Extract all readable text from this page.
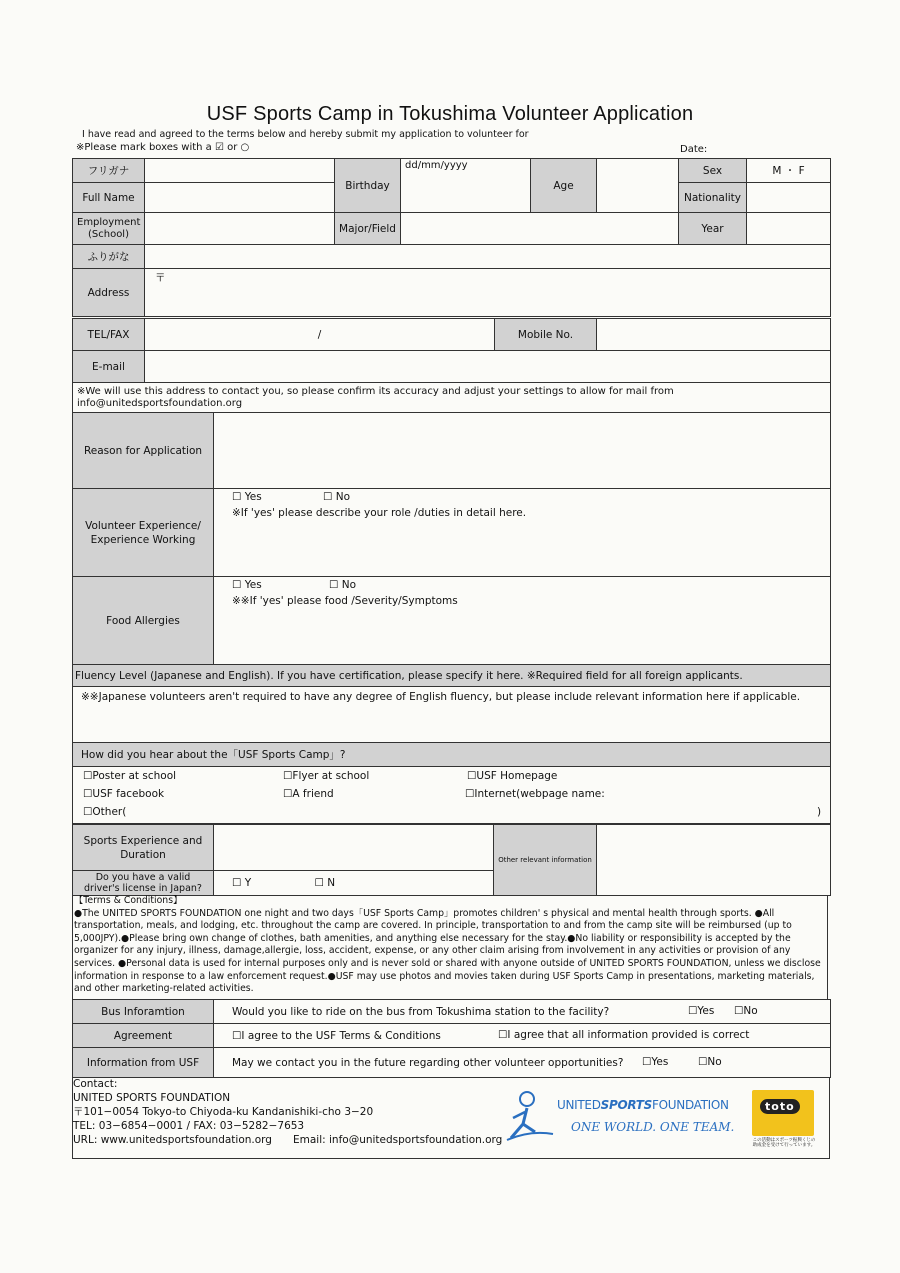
USF Sports Camp in Tokushima Volunteer Application
I have read and agreed to the terms below and hereby submit my application to volunteer for
※Please mark boxes with a ☑ or ○	Date:
フリガナ		Birthday	dd/mm/yyyy	Age		Sex	M ・ F
Full Name						Nationality	
Employment (School)		Major/Field				Year	
ふりがな							
Address	〒						
TEL/FAX	/	Mobile No.	
E-mail			
※We will use this address to contact you, so please confirm its accuracy and adjust your settings to allow for mail from info@unitedsportsfoundation.org			
Reason for Application	
Volunteer Experience/ Experience Working	☐ Yes ☐ No
※If 'yes' please describe your role /duties in detail here.

Food Allergies	☐ Yes ☐ No
※※If 'yes' please food /Severity/Symptoms
Fluency Level (Japanese and English). If you have certification, please specify it here. ※Required field for all foreign applicants.
※※Japanese volunteers aren't required to have any degree of English fluency, but please include relevant information here if applicable.
How did you hear about the「USF Sports Camp」?

☐Poster at school	☐Flyer at school	☐USF Homepage
☐USF facebook	☐A friend	☐Internet(webpage name:
☐Other(	)
Sports Experience and Duration		Other relevant information	
Do you have a valid driver's license in Japan?	☐ Y ☐ N		
【Terms & Conditions】
●The UNITED SPORTS FOUNDATION one night and two days「USF Sports Camp」promotes children' s physical and mental health through sports. ●All transportation, meals, and lodging, etc. throughout the camp are covered. In principle, transportation to and from the camp site will be reimbursed (up to 5,000JPY).●Please bring own change of clothes, bath amenities, and anything else necessary for the stay.●No liability or responsibility is accepted by the organizer for any injury, illness, damage,allergie, loss, accident, expense, or any other claim arising from involvement in any activities or provision of any services. ●Personal data is used for internal purposes only and is never sold or shared with anyone outside of UNITED SPORTS FOUNDATION, unless we disclose information in response to a law enforcement request.●USF may use photos and movies taken during USF Sports Camp in presentations, marketing materials, and other marketing-related activities.
Bus Inforamtion	Would you like to ride on the bus from Tokushima station to the facility? ☐Yes ☐No

Agreement	☐I agree to the USF Terms & Conditions ☐I agree that all information provided is correct

Information from USF	May we contact you in the future regarding other volunteer opportunities? ☐Yes ☐No
Contact:
UNITED SPORTS FOUNDATION
〒101−0054 Tokyo-to Chiyoda-ku Kandanishiki-cho 3−20
TEL: 03−6854−0001 / FAX: 03−5282−7653
URL: www.unitedsportsfoundation.org	Email: info@unitedsportsfoundation.org
UNITEDSPORTSFOUNDATION
ONE WORLD. ONE TEAM.
toto
この活動はスポーツ振興くじの助成金を受けて行っています。
